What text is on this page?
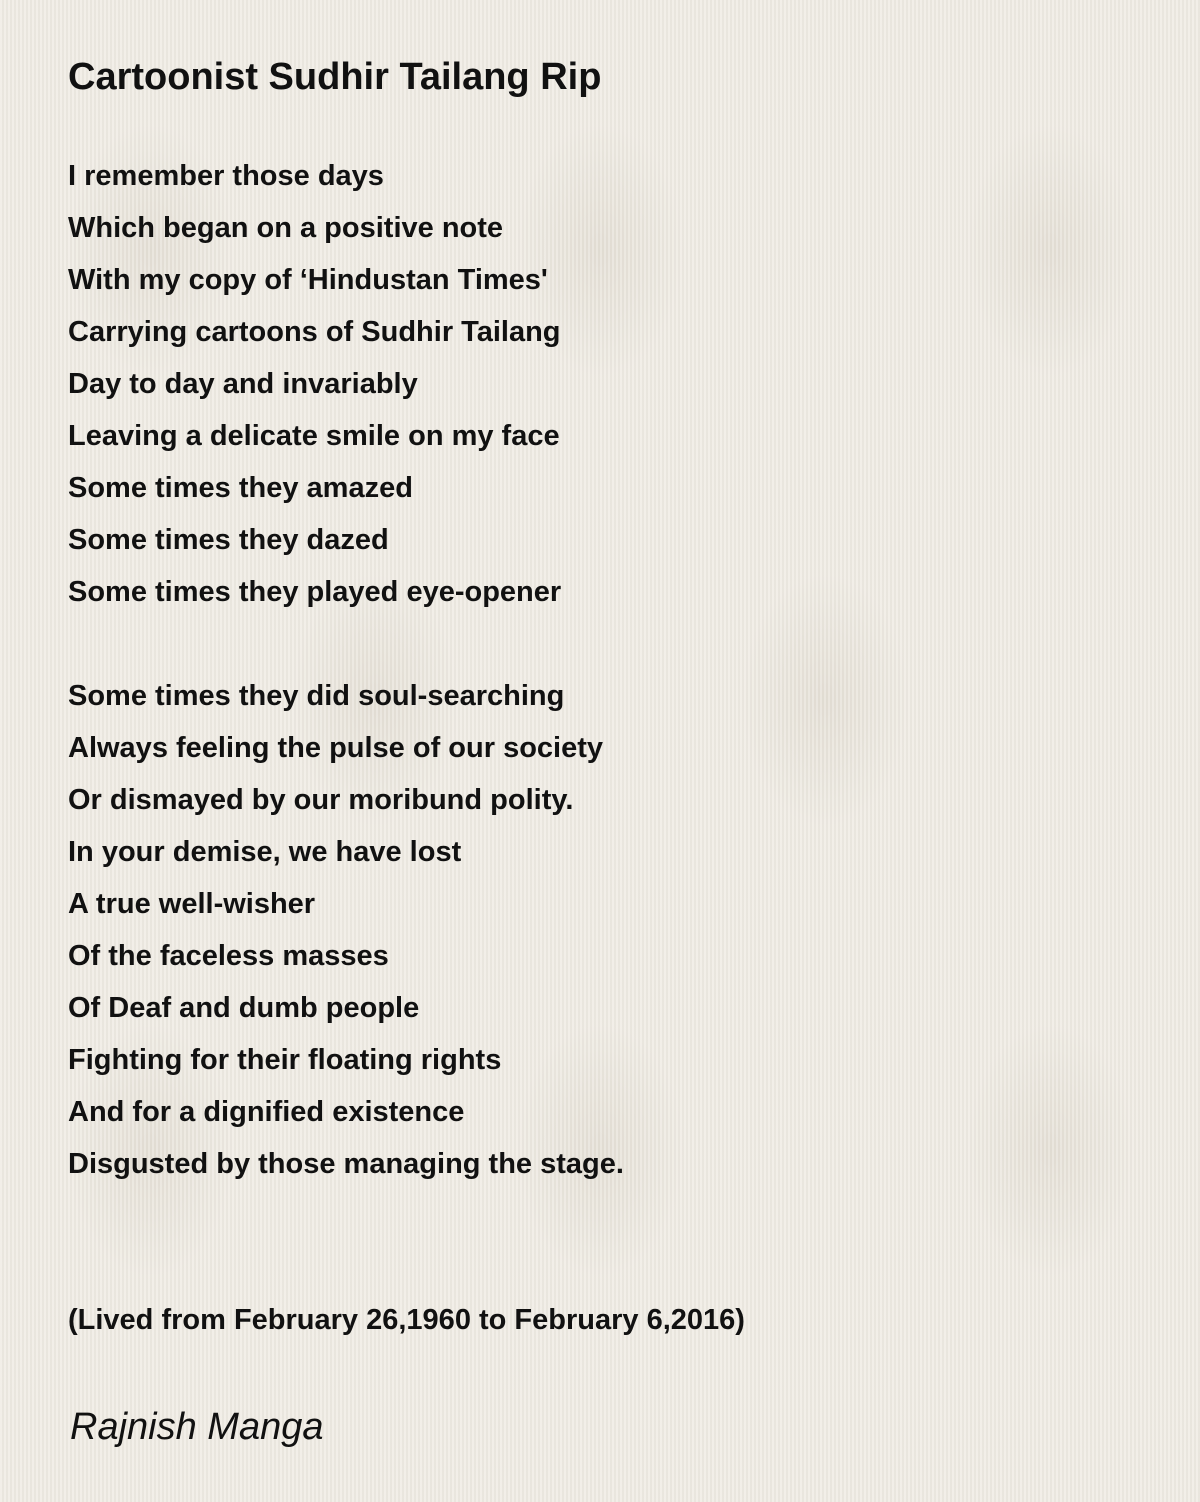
Cartoonist Sudhir Tailang Rip
I remember those days
Which began on a positive note
With my copy of ‘Hindustan Times'
Carrying cartoons of Sudhir Tailang
Day to day and invariably
Leaving a delicate smile on my face
Some times they amazed
Some times they dazed
Some times they played eye-opener
Some times they did soul-searching
Always feeling the pulse of our society
Or dismayed by our moribund polity.
In your demise, we have lost
A true well-wisher
Of the faceless masses
Of Deaf and dumb people
Fighting for their floating rights
And for a dignified existence
Disgusted by those managing the stage.
(Lived from February 26,1960 to February 6,2016)
Rajnish Manga
